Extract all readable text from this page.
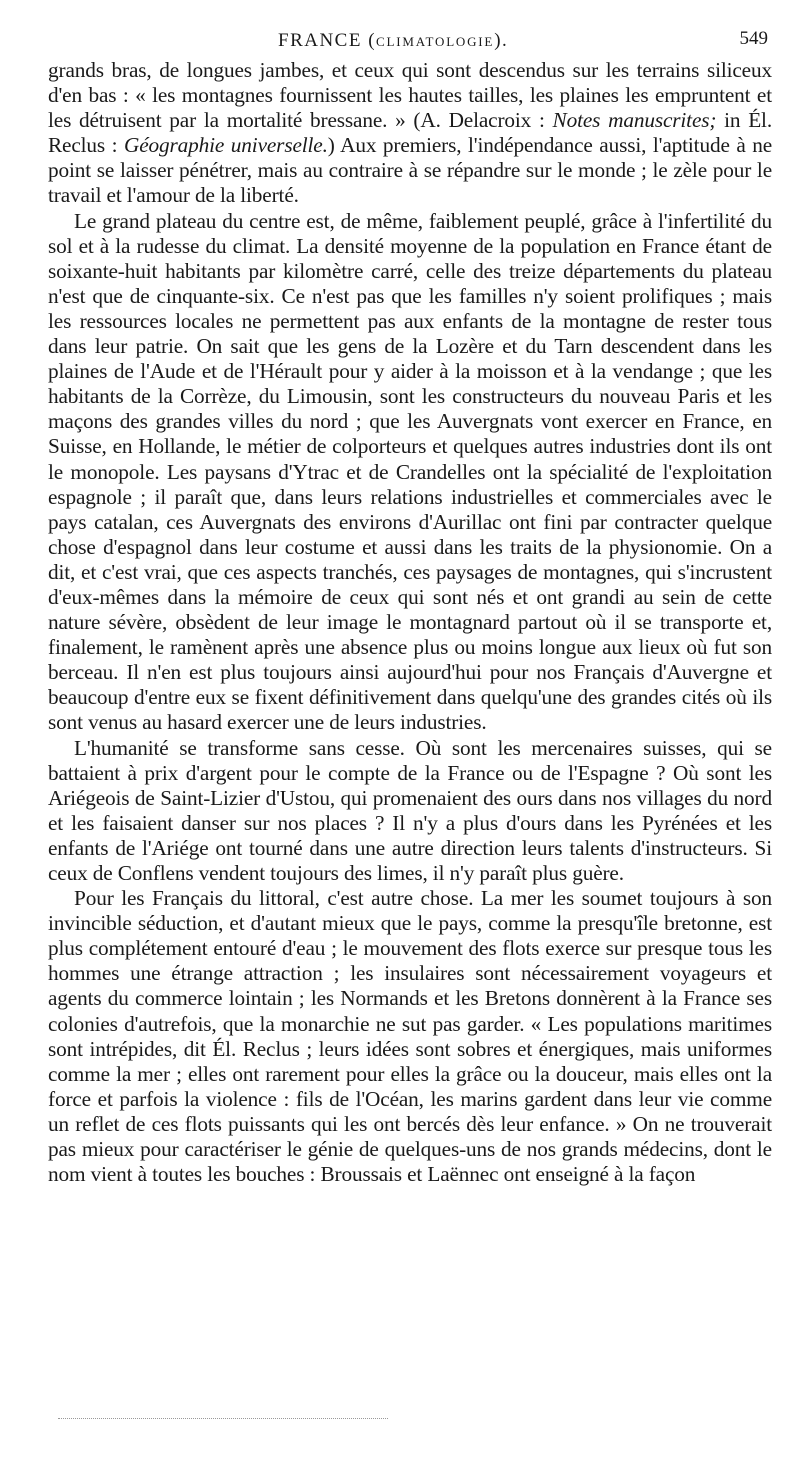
FRANCE (CLIMATOLOGIE).	549

grands bras, de longues jambes, et ceux qui sont descendus sur les terrains siliceux d'en bas : « les montagnes fournissent les hautes tailles, les plaines les empruntent et les détruisent par la mortalité bressane. » (A. Delacroix : Notes manuscrites; in Él. Reclus : Géographie universelle.) Aux premiers, l'indépendance aussi, l'aptitude à ne point se laisser pénétrer, mais au contraire à se répandre sur le monde ; le zèle pour le travail et l'amour de la liberté.

Le grand plateau du centre est, de même, faiblement peuplé, grâce à l'infertilité du sol et à la rudesse du climat. La densité moyenne de la population en France étant de soixante-huit habitants par kilomètre carré, celle des treize départements du plateau n'est que de cinquante-six. Ce n'est pas que les familles n'y soient prolifiques ; mais les ressources locales ne permettent pas aux enfants de la montagne de rester tous dans leur patrie. On sait que les gens de la Lozère et du Tarn descendent dans les plaines de l'Aude et de l'Hérault pour y aider à la moisson et à la vendange ; que les habitants de la Corrèze, du Limousin, sont les constructeurs du nouveau Paris et les maçons des grandes villes du nord ; que les Auvergnats vont exercer en France, en Suisse, en Hollande, le métier de colporteurs et quelques autres industries dont ils ont le monopole. Les paysans d'Ytrac et de Crandelles ont la spécialité de l'exploitation espagnole ; il paraît que, dans leurs relations industrielles et commerciales avec le pays catalan, ces Auvergnats des environs d'Aurillac ont fini par contracter quelque chose d'espagnol dans leur costume et aussi dans les traits de la physionomie. On a dit, et c'est vrai, que ces aspects tranchés, ces paysages de montagnes, qui s'incrustent d'eux-mêmes dans la mémoire de ceux qui sont nés et ont grandi au sein de cette nature sévère, obsèdent de leur image le montagnard partout où il se transporte et, finalement, le ramènent après une absence plus ou moins longue aux lieux où fut son berceau. Il n'en est plus toujours ainsi aujourd'hui pour nos Français d'Auvergne et beaucoup d'entre eux se fixent définitivement dans quelqu'une des grandes cités où ils sont venus au hasard exercer une de leurs industries.

L'humanité se transforme sans cesse. Où sont les mercenaires suisses, qui se battaient à prix d'argent pour le compte de la France ou de l'Espagne ? Où sont les Ariégeois de Saint-Lizier d'Ustou, qui promenaient des ours dans nos villages du nord et les faisaient danser sur nos places ? Il n'y a plus d'ours dans les Pyrénées et les enfants de l'Ariége ont tourné dans une autre direction leurs talents d'instructeurs. Si ceux de Conflens vendent toujours des limes, il n'y paraît plus guère.

Pour les Français du littoral, c'est autre chose. La mer les soumet toujours à son invincible séduction, et d'autant mieux que le pays, comme la presqu'île bretonne, est plus complétement entouré d'eau ; le mouvement des flots exerce sur presque tous les hommes une étrange attraction ; les insulaires sont nécessairement voyageurs et agents du commerce lointain ; les Normands et les Bretons donnèrent à la France ses colonies d'autrefois, que la monarchie ne sut pas garder. « Les populations maritimes sont intrépides, dit Él. Reclus ; leurs idées sont sobres et énergiques, mais uniformes comme la mer ; elles ont rarement pour elles la grâce ou la douceur, mais elles ont la force et parfois la violence : fils de l'Océan, les marins gardent dans leur vie comme un reflet de ces flots puissants qui les ont bercés dès leur enfance. » On ne trouverait pas mieux pour caractériser le génie de quelques-uns de nos grands médecins, dont le nom vient à toutes les bouches : Broussais et Laënnec ont enseigné à la façon
